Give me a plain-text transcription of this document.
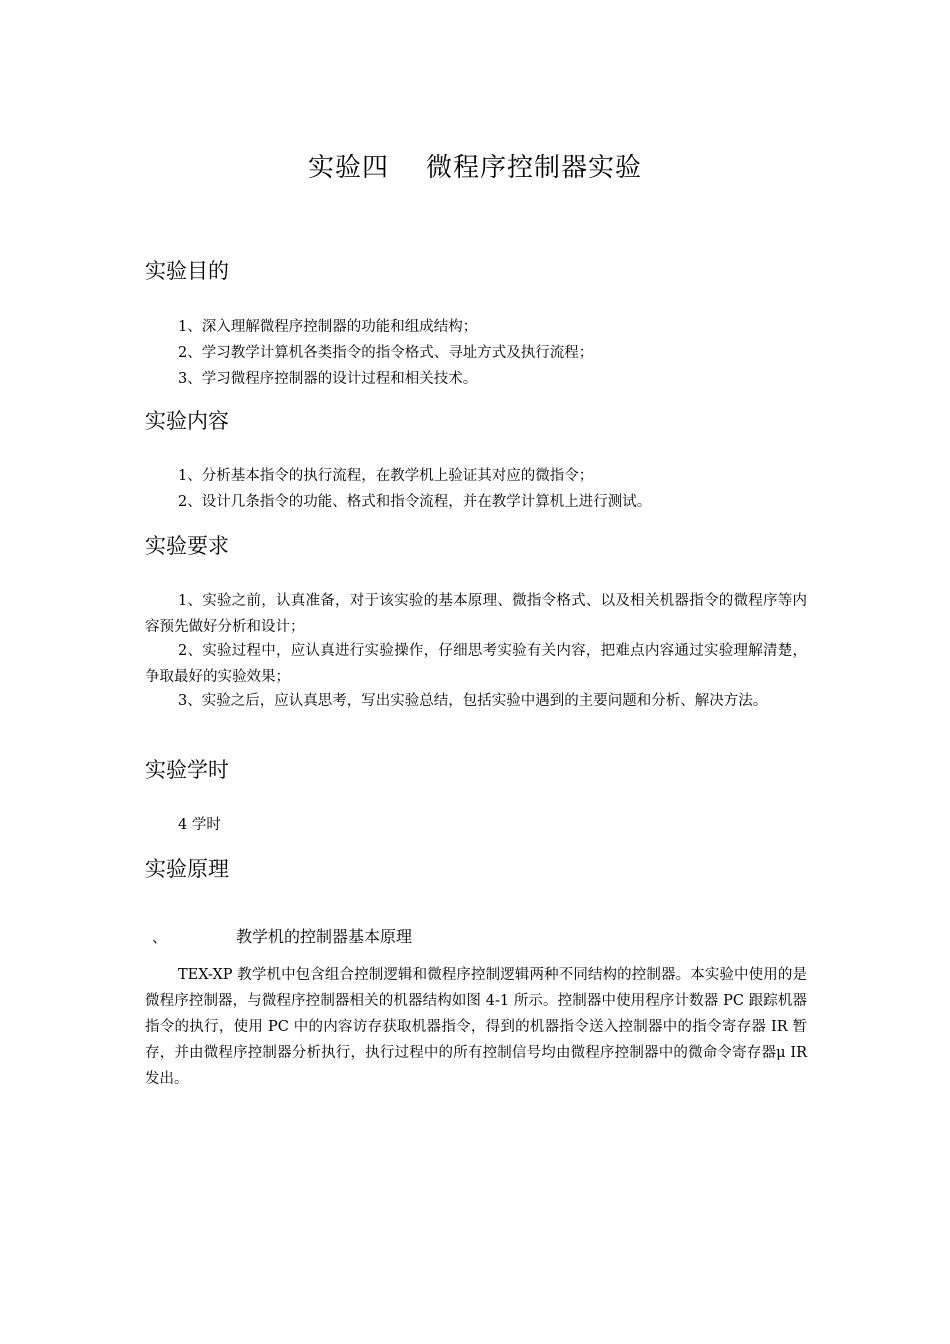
实验四    微程序控制器实验
实验目的
1、深入理解微程序控制器的功能和组成结构；
2、学习教学计算机各类指令的指令格式、寻址方式及执行流程；
3、学习微程序控制器的设计过程和相关技术。
实验内容
1、分析基本指令的执行流程，在教学机上验证其对应的微指令；
2、设计几条指令的功能、格式和指令流程，并在教学计算机上进行测试。
实验要求
1、实验之前，认真准备，对于该实验的基本原理、微指令格式、以及相关机器指令的微程序等内容预先做好分析和设计；
2、实验过程中，应认真进行实验操作，仔细思考实验有关内容，把难点内容通过实验理解清楚，争取最好的实验效果；
3、实验之后，应认真思考，写出实验总结，包括实验中遇到的主要问题和分析、解决方法。
实验学时
4 学时
实验原理
、	教学机的控制器基本原理
TEX-XP 教学机中包含组合控制逻辑和微程序控制逻辑两种不同结构的控制器。本实验中使用的是微程序控制器，与微程序控制器相关的机器结构如图 4-1 所示。控制器中使用程序计数器 PC 跟踪机器指令的执行，使用 PC 中的内容访存获取机器指令，得到的机器指令送入控制器中的指令寄存器 IR 暂存，并由微程序控制器分析执行，执行过程中的所有控制信号均由微程序控制器中的微命令寄存器μ IR 发出。
